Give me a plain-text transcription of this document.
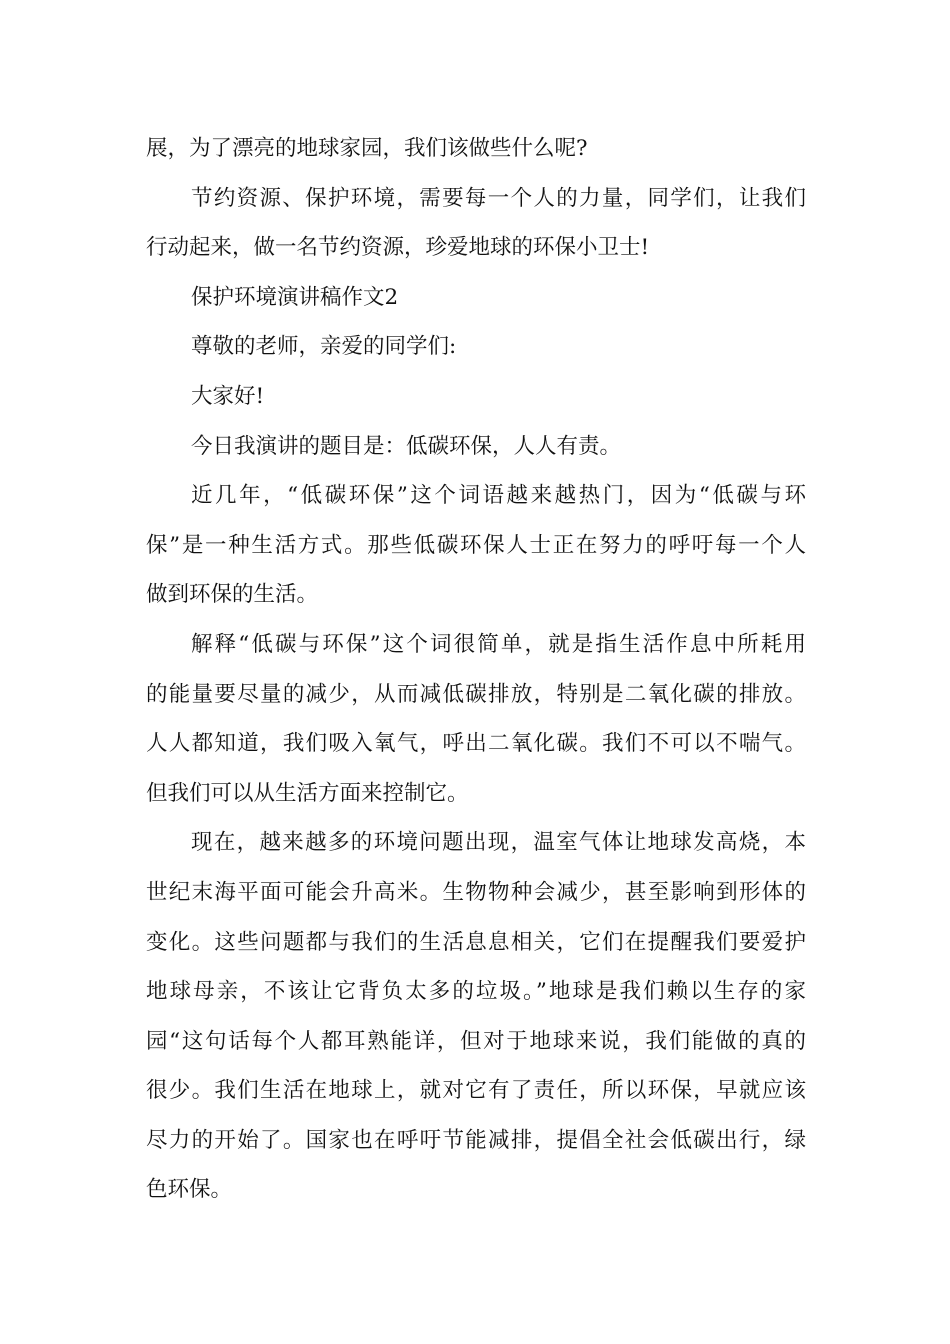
展，为了漂亮的地球家园，我们该做些什么呢?
节约资源、保护环境，需要每一个人的力量，同学们，让我们
行动起来，做一名节约资源，珍爱地球的环保小卫士!
保护环境演讲稿作文2
尊敬的老师，亲爱的同学们:
大家好!
今日我演讲的题目是：低碳环保，人人有责。
近几年，“低碳环保”这个词语越来越热门，因为“低碳与环
保”是一种生活方式。那些低碳环保人士正在努力的呼吁每一个人
做到环保的生活。
解释“低碳与环保”这个词很简单，就是指生活作息中所耗用
的能量要尽量的减少，从而减低碳排放，特别是二氧化碳的排放。
人人都知道，我们吸入氧气，呼出二氧化碳。我们不可以不喘气。
但我们可以从生活方面来控制它。
现在，越来越多的环境问题出现，温室气体让地球发高烧，本
世纪末海平面可能会升高米。生物物种会减少，甚至影响到形体的
变化。这些问题都与我们的生活息息相关，它们在提醒我们要爱护
地球母亲，不该让它背负太多的垃圾。”地球是我们赖以生存的家
园“这句话每个人都耳熟能详，但对于地球来说，我们能做的真的
很少。我们生活在地球上，就对它有了责任，所以环保，早就应该
尽力的开始了。国家也在呼吁节能减排，提倡全社会低碳出行，绿
色环保。
